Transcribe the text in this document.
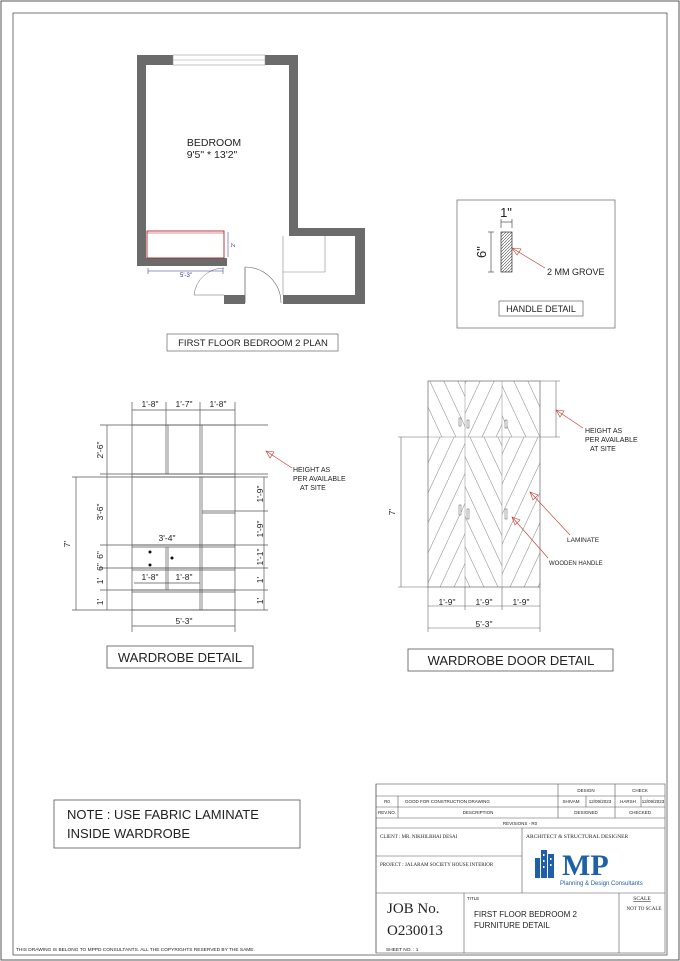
BEDROOM
9'5" * 13'2"
5'-3"
2'
FIRST FLOOR BEDROOM 2 PLAN
1"
6"
2 MM GROVE
HANDLE DETAIL
1'-8" 1'-7" 1'-8"
2'-6"
3'-6"
6"
6"
1'
1'
7'
1'-9"
1'-9"
1'-1"
1'
1'
3'-4"
1'-8" 1'-8"
5'-3"
HEIGHT AS
PER AVAILABLE
AT SITE
WARDROBE DETAIL
HEIGHT AS
PER AVAILABLE
AT SITE
7'
LAMINATE
WOODEN HANDLE
1'-9" 1'-9" 1'-9"
5'-3"
WARDROBE DOOR DETAIL
NOTE : USE FABRIC LAMINATE
INSIDE WARDROBE
DESIGN	CHECK
R0	GOOD FOR CONSTRUCTION DRAWING	SHIVAM 12/09/2023 HARSH 12/09/2023
REV.NO.	DESCRIPTION	DESIGNED	CHECKED
REVISIONS - R0
CLIENT : MR. NIKHILBHAI DESAI
PROJECT : JALARAM SOCIETY HOUSE INTERIOR
ARCHITECT & STRUCTURAL DESIGNER
MP
Planning & Design Consultants
JOB No.
O230013
TITLE
FIRST FLOOR BEDROOM 2
FURNITURE DETAIL
SCALE
NOT TO SCALE
SHEET NO. : 1
THIS DRAWING IS BELONG TO MPPD CONSULTANTS. ALL THE COPYRIGHTS RESERVED BY THE SAME.
